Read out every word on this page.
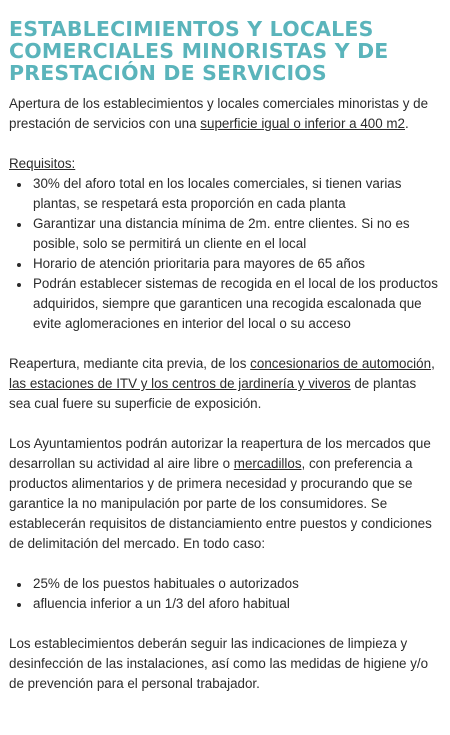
ESTABLECIMIENTOS Y LOCALES COMERCIALES MINORISTAS Y DE PRESTACIÓN DE SERVICIOS

Apertura de los establecimientos y locales comerciales minoristas y de prestación de servicios con una superficie igual o inferior a 400 m2.

Requisitos:

• 30% del aforo total en los locales comerciales, si tienen varias plantas, se respetará esta proporción en cada planta
• Garantizar una distancia mínima de 2m. entre clientes. Si no es posible, solo se permitirá un cliente en el local
• Horario de atención prioritaria para mayores de 65 años
• Podrán establecer sistemas de recogida en el local de los productos adquiridos, siempre que garanticen una recogida escalonada que evite aglomeraciones en interior del local o su acceso

Reapertura, mediante cita previa, de los concesionarios de automoción, las estaciones de ITV y los centros de jardinería y viveros de plantas sea cual fuere su superficie de exposición.

Los Ayuntamientos podrán autorizar la reapertura de los mercados que desarrollan su actividad al aire libre o mercadillos, con preferencia a productos alimentarios y de primera necesidad y procurando que se garantice la no manipulación por parte de los consumidores. Se establecerán requisitos de distanciamiento entre puestos y condiciones de delimitación del mercado. En todo caso:

• 25% de los puestos habituales o autorizados
• afluencia inferior a un 1/3 del aforo habitual

Los establecimientos deberán seguir las indicaciones de limpieza y desinfección de las instalaciones, así como las medidas de higiene y/o de prevención para el personal trabajador.
